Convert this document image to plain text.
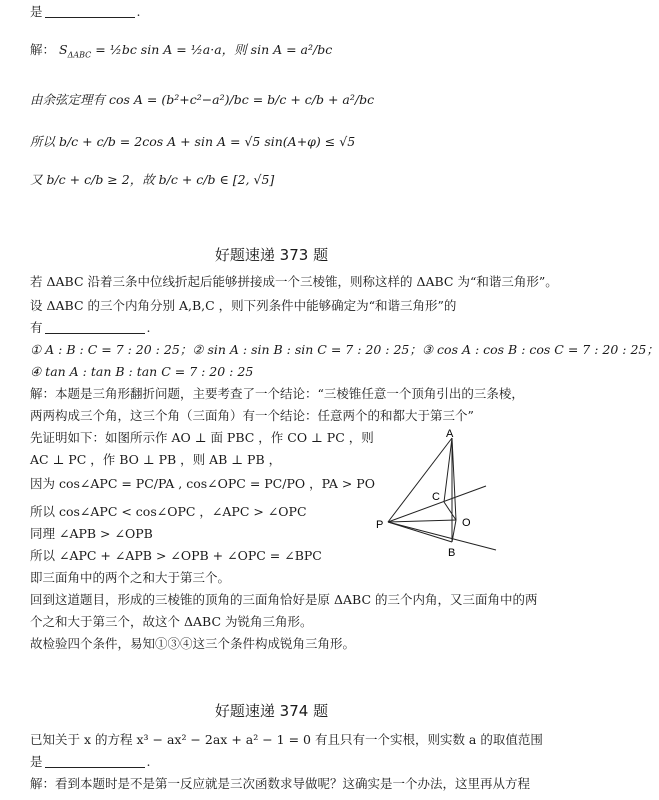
是	.
解： $S_{\Delta ABC}$ = ½bc sin A = ½a·a，则 sin A = a²/bc
由余弦定理有 cos A = (b²+c²−a²)/bc = b/c + c/b + a²/bc
所以 b/c + c/b = 2cos A + sin A = √5 sin(A+φ) ≤ √5
又 b/c + c/b ≥ 2，故 b/c + c/b ∈ [2, √5]
好题速递 373 题
若 ΔABC 沿着三条中位线折起后能够拼接成一个三棱锥，则称这样的 ΔABC 为“和谐三角形”。
设 ΔABC 的三个内角分别 A,B,C ，则下列条件中能够确定为“和谐三角形”的
有	.
① A : B : C = 7 : 20 : 25；② sin A : sin B : sin C = 7 : 20 : 25；③ cos A : cos B : cos C = 7 : 20 : 25；
④ tan A : tan B : tan C = 7 : 20 : 25
解：本题是三角形翻折问题，主要考查了一个结论：“三棱锥任意一个顶角引出的三条棱，
两两构成三个角，这三个角（三面角）有一个结论：任意两个的和都大于第三个”
先证明如下：如图所示作 AO ⊥ 面 PBC ，作 CO ⊥ PC ，则
AC ⊥ PC ，作 BO ⊥ PB ，则 AB ⊥ PB ，
因为 cos∠APC = PC/PA , cos∠OPC = PC/PO ，PA > PO
所以 cos∠APC < cos∠OPC ，∠APC > ∠OPC
同理 ∠APB > ∠OPB
所以 ∠APC + ∠APB > ∠OPB + ∠OPC = ∠BPC
即三面角中的两个之和大于第三个。
回到这道题目，形成的三棱锥的顶角的三面角恰好是原 ΔABC 的三个内角，又三面角中的两
个之和大于第三个，故这个 ΔABC 为锐角三角形。
故检验四个条件，易知①③④这三个条件构成锐角三角形。
A
C
P	O
B
好题速递 374 题
已知关于 x 的方程 x³ − ax² − 2ax + a² − 1 = 0 有且只有一个实根，则实数 a 的取值范围
是	.
解：看到本题时是不是第一反应就是三次函数求导做呢？这确实是一个办法，这里再从方程
